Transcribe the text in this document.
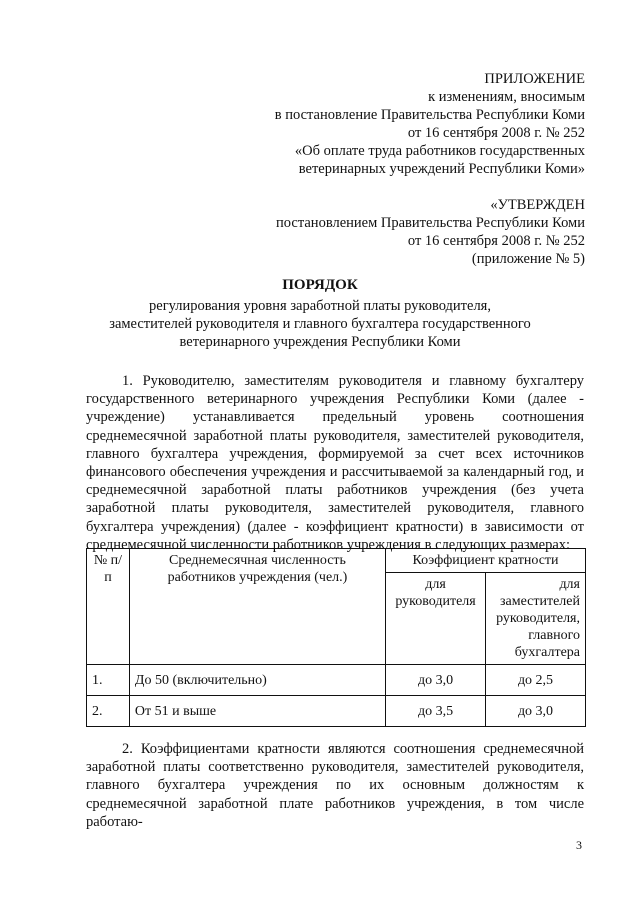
ПРИЛОЖЕНИЕ
к изменениям, вносимым
в постановление Правительства Республики Коми
от 16 сентября 2008 г. № 252
«Об оплате труда работников государственных
ветеринарных учреждений Республики Коми»
«УТВЕРЖДЕН
постановлением Правительства Республики Коми
от 16 сентября 2008 г. № 252
(приложение № 5)
ПОРЯДОК
регулирования уровня заработной платы руководителя,
заместителей руководителя и главного бухгалтера государственного
ветеринарного учреждения Республики Коми
1. Руководителю, заместителям руководителя и главному бухгалтеру государственного ветеринарного учреждения Республики Коми (далее - учреждение) устанавливается предельный уровень соотношения среднемесячной заработной платы руководителя, заместителей руководителя, главного бухгалтера учреждения, формируемой за счет всех источников финансового обеспечения учреждения и рассчитываемой за календарный год, и среднемесячной заработной платы работников учреждения (без учета заработной платы руководителя, заместителей руководителя, главного бухгалтера учреждения) (далее - коэффициент кратности) в зависимости от среднемесячной численности работников учреждения в следующих размерах:
№ п/п	Среднемесячная численность работников учреждения (чел.)	Коэффициент кратности	
		для руководителя	для заместителей руководителя, главного бухгалтера
1.	До 50 (включительно)	до 3,0	до 2,5
2.	От 51 и выше	до 3,5	до 3,0
2. Коэффициентами кратности являются соотношения среднемесячной заработной платы соответственно руководителя, заместителей руководителя, главного бухгалтера учреждения по их основным должностям к среднемесячной заработной плате работников учреждения, в том числе работаю-
3
